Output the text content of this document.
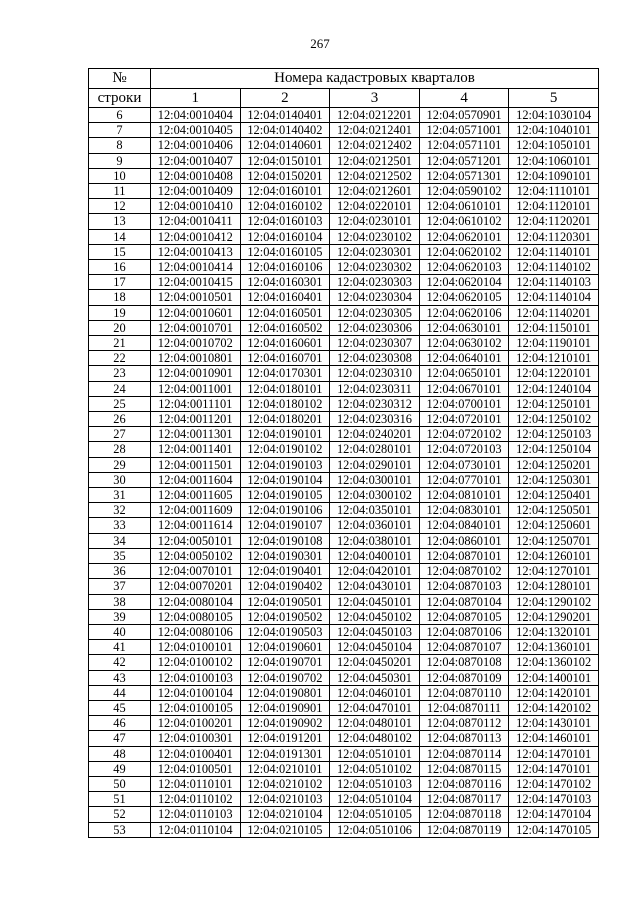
267
№	Номера кадастровых кварталов				
строки	1	2	3	4	5
6	12:04:0010404	12:04:0140401	12:04:0212201	12:04:0570901	12:04:1030104
7	12:04:0010405	12:04:0140402	12:04:0212401	12:04:0571001	12:04:1040101
8	12:04:0010406	12:04:0140601	12:04:0212402	12:04:0571101	12:04:1050101
9	12:04:0010407	12:04:0150101	12:04:0212501	12:04:0571201	12:04:1060101
10	12:04:0010408	12:04:0150201	12:04:0212502	12:04:0571301	12:04:1090101
11	12:04:0010409	12:04:0160101	12:04:0212601	12:04:0590102	12:04:1110101
12	12:04:0010410	12:04:0160102	12:04:0220101	12:04:0610101	12:04:1120101
13	12:04:0010411	12:04:0160103	12:04:0230101	12:04:0610102	12:04:1120201
14	12:04:0010412	12:04:0160104	12:04:0230102	12:04:0620101	12:04:1120301
15	12:04:0010413	12:04:0160105	12:04:0230301	12:04:0620102	12:04:1140101
16	12:04:0010414	12:04:0160106	12:04:0230302	12:04:0620103	12:04:1140102
17	12:04:0010415	12:04:0160301	12:04:0230303	12:04:0620104	12:04:1140103
18	12:04:0010501	12:04:0160401	12:04:0230304	12:04:0620105	12:04:1140104
19	12:04:0010601	12:04:0160501	12:04:0230305	12:04:0620106	12:04:1140201
20	12:04:0010701	12:04:0160502	12:04:0230306	12:04:0630101	12:04:1150101
21	12:04:0010702	12:04:0160601	12:04:0230307	12:04:0630102	12:04:1190101
22	12:04:0010801	12:04:0160701	12:04:0230308	12:04:0640101	12:04:1210101
23	12:04:0010901	12:04:0170301	12:04:0230310	12:04:0650101	12:04:1220101
24	12:04:0011001	12:04:0180101	12:04:0230311	12:04:0670101	12:04:1240104
25	12:04:0011101	12:04:0180102	12:04:0230312	12:04:0700101	12:04:1250101
26	12:04:0011201	12:04:0180201	12:04:0230316	12:04:0720101	12:04:1250102
27	12:04:0011301	12:04:0190101	12:04:0240201	12:04:0720102	12:04:1250103
28	12:04:0011401	12:04:0190102	12:04:0280101	12:04:0720103	12:04:1250104
29	12:04:0011501	12:04:0190103	12:04:0290101	12:04:0730101	12:04:1250201
30	12:04:0011604	12:04:0190104	12:04:0300101	12:04:0770101	12:04:1250301
31	12:04:0011605	12:04:0190105	12:04:0300102	12:04:0810101	12:04:1250401
32	12:04:0011609	12:04:0190106	12:04:0350101	12:04:0830101	12:04:1250501
33	12:04:0011614	12:04:0190107	12:04:0360101	12:04:0840101	12:04:1250601
34	12:04:0050101	12:04:0190108	12:04:0380101	12:04:0860101	12:04:1250701
35	12:04:0050102	12:04:0190301	12:04:0400101	12:04:0870101	12:04:1260101
36	12:04:0070101	12:04:0190401	12:04:0420101	12:04:0870102	12:04:1270101
37	12:04:0070201	12:04:0190402	12:04:0430101	12:04:0870103	12:04:1280101
38	12:04:0080104	12:04:0190501	12:04:0450101	12:04:0870104	12:04:1290102
39	12:04:0080105	12:04:0190502	12:04:0450102	12:04:0870105	12:04:1290201
40	12:04:0080106	12:04:0190503	12:04:0450103	12:04:0870106	12:04:1320101
41	12:04:0100101	12:04:0190601	12:04:0450104	12:04:0870107	12:04:1360101
42	12:04:0100102	12:04:0190701	12:04:0450201	12:04:0870108	12:04:1360102
43	12:04:0100103	12:04:0190702	12:04:0450301	12:04:0870109	12:04:1400101
44	12:04:0100104	12:04:0190801	12:04:0460101	12:04:0870110	12:04:1420101
45	12:04:0100105	12:04:0190901	12:04:0470101	12:04:0870111	12:04:1420102
46	12:04:0100201	12:04:0190902	12:04:0480101	12:04:0870112	12:04:1430101
47	12:04:0100301	12:04:0191201	12:04:0480102	12:04:0870113	12:04:1460101
48	12:04:0100401	12:04:0191301	12:04:0510101	12:04:0870114	12:04:1470101
49	12:04:0100501	12:04:0210101	12:04:0510102	12:04:0870115	12:04:1470101
50	12:04:0110101	12:04:0210102	12:04:0510103	12:04:0870116	12:04:1470102
51	12:04:0110102	12:04:0210103	12:04:0510104	12:04:0870117	12:04:1470103
52	12:04:0110103	12:04:0210104	12:04:0510105	12:04:0870118	12:04:1470104
53	12:04:0110104	12:04:0210105	12:04:0510106	12:04:0870119	12:04:1470105
